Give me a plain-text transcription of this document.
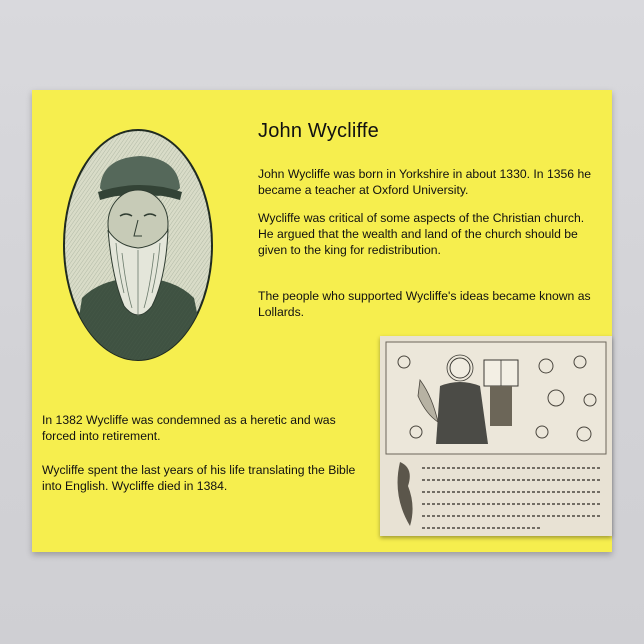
John Wycliffe
John Wycliffe was born in Yorkshire in about 1330. In 1356 he became a teacher at Oxford University.
Wycliffe was critical of some aspects of the Christian church. He argued that the wealth and land of the church should be given to the king for redistribution.
The people who supported Wycliffe's ideas became known as Lollards.
In 1382 Wycliffe was condemned as a heretic and was forced into retirement.
Wycliffe spent the last years of his life translating the Bible into English. Wycliffe died in 1384.
